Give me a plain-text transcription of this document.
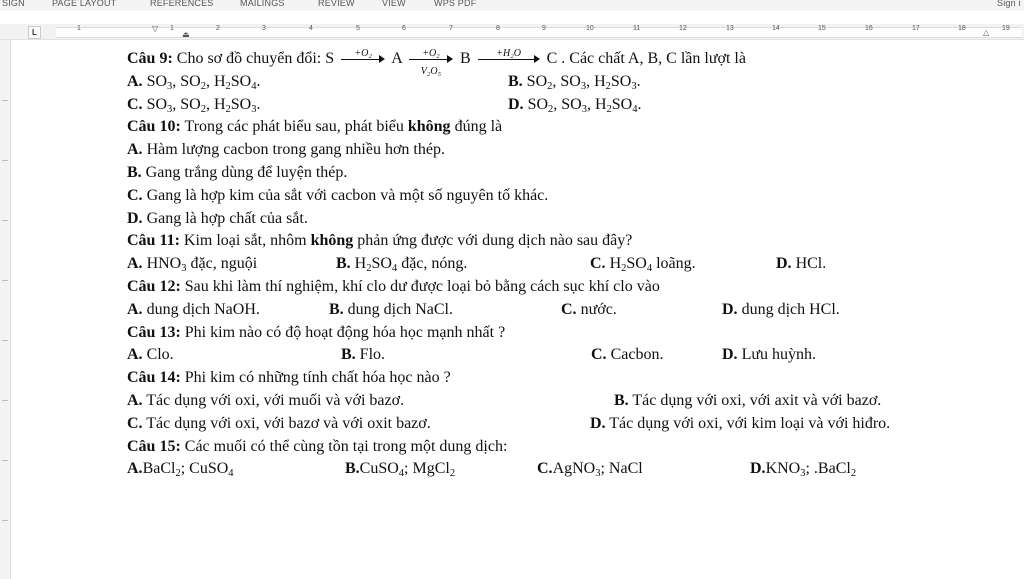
SIGN	PAGE LAYOUT	REFERENCES	MAILINGS	REVIEW	VIEW	WPS PDF	Sign i
L	▽
⏏	△
1	1	2	3	4	5	6	7	8	9	10	11	12	13	14	15	16	17	18	19
Câu 9: Cho sơ đồ chuyển đổi: S	+O₂	A $\frac{\text{+O₂}}{\text{V₂O₅}}$ B	+H₂O	C . Các chất A, B, C lần lượt là
A. $SO_3$, $SO_2$, $H_2SO_4$.	B. $SO_2$, $SO_3$, $H_2SO_3$.
C. $SO_3$, $SO_2$, $H_2SO_3$.	D. $SO_2$, $SO_3$, $H_2SO_4$.
Câu 10: Trong các phát biểu sau, phát biểu không đúng là
A. Hàm lượng cacbon trong gang nhiều hơn thép.
B. Gang trắng dùng để luyện thép.
C. Gang là hợp kim của sắt với cacbon và một số nguyên tố khác.
D. Gang là hợp chất của sắt.
Câu 11: Kim loại sắt, nhôm không phản ứng được với dung dịch nào sau đây?
A. $HNO_3$ đặc, nguội	B. $H_2SO_4$ đặc, nóng.	C. $H_2SO_4$ loãng.	D. HCl.
Câu 12: Sau khi làm thí nghiệm, khí clo dư được loại bỏ bằng cách sục khí clo vào
A. dung dịch NaOH.	B. dung dịch NaCl.	C. nước.	D. dung dịch HCl.
Câu 13: Phi kim nào có độ hoạt động hóa học mạnh nhất ?
A. Clo.	B. Flo.	C. Cacbon.	D. Lưu huỳnh.
Câu 14: Phi kim có những tính chất hóa học nào ?
A. Tác dụng với oxi, với muối và với bazơ.	B. Tác dụng với oxi, với axit và với bazơ.
C. Tác dụng với oxi, với bazơ và với oxit bazơ.	D. Tác dụng với oxi, với kim loại và với hiđro.
Câu 15: Các muối có thể cùng tồn tại trong một dung dịch:
A.BaCl$_2$; CuSO$_4$	B.CuSO$_4$; MgCl$_2$	C.AgNO$_3$; NaCl	$D.KNO_3$; .BaCl$_2$
